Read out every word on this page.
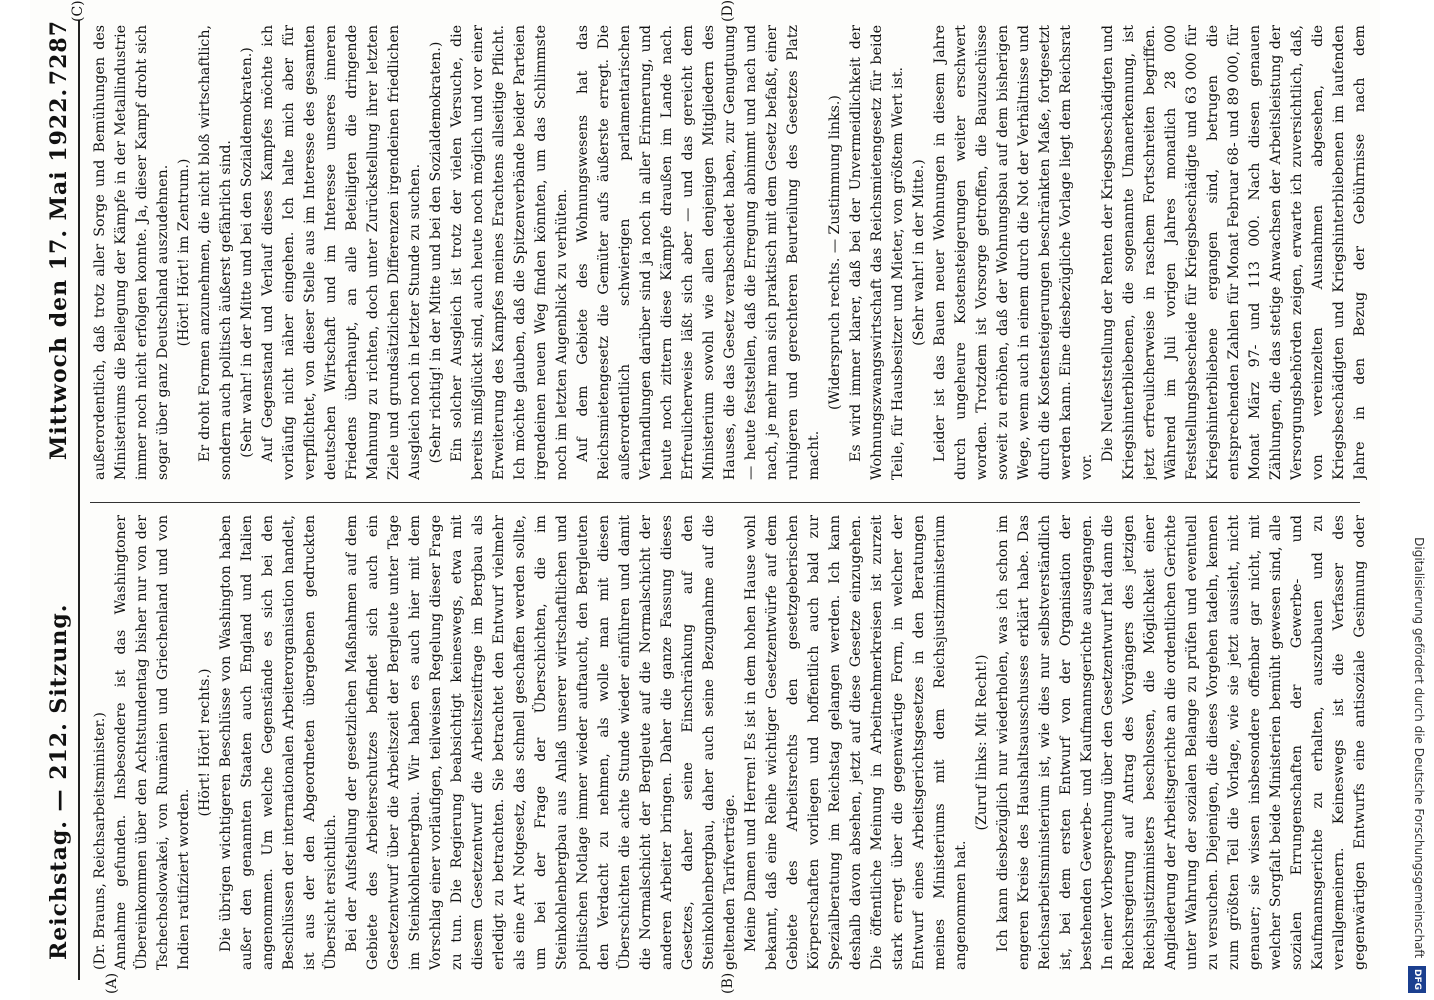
Reichstag. — 212. Sitzung.
Mittwoch den 17. Mai 1922.
7287
(A)	(B)
(C)	(D)

(Dr. Brauns, Reichsarbeitsminister.) Annahme gefunden. Insbesondere ist das Washingtoner Übereinkommen über den Achtstundentag bisher nur von der Tschechoslowakei, von Rumänien und Griechenland und von Indien ratifiziert worden.

(Hört! Hört! rechts.) Die übrigen wichtigeren Beschlüsse von Washington haben außer den genannten Staaten auch England und Italien angenommen. Um welche Gegenstände es sich bei den Beschlüssen der internationalen Arbeiterorganisation handelt, ist aus der den Abgeordneten übergebenen gedruckten Übersicht ersichtlich. Bei der Aufstellung der gesetzlichen Maßnahmen auf dem Gebiete des Arbeiterschutzes befindet sich auch ein Gesetzentwurf über die Arbeitszeit der Bergleute unter Tage im Steinkohlenbergbau. Wir haben es auch hier mit dem Vorschlag einer vorläufigen, teilweisen Regelung dieser Frage zu tun. Die Regierung beabsichtigt keineswegs, etwa mit diesem Gesetzentwurf die Arbeitszeitfrage im Bergbau als erledigt zu betrachten. Sie betrachtet den Entwurf vielmehr als eine Art Notgesetz, das schnell geschaffen werden sollte, um bei der Frage der Überschichten, die im Steinkohlenbergbau aus Anlaß unserer wirtschaftlichen und politischen Notlage immer wieder auftaucht, den Bergleuten den Verdacht zu nehmen, als wolle man mit diesen Überschichten die achte Stunde wieder einführen und damit die Normalschicht der Bergleute auf die Normalschicht der anderen Arbeiter bringen. Daher die ganze Fassung dieses Gesetzes, daher seine Einschränkung auf den Steinkohlenbergbau, daher auch seine Bezugnahme auf die geltenden Tarifverträge. Meine Damen und Herren! Es ist in dem hohen Hause wohl bekannt, daß eine Reihe wichtiger Gesetzentwürfe auf dem Gebiete des Arbeitsrechts den gesetzgeberischen Körperschaften vorliegen und hoffentlich auch bald zur Spezialberatung im Reichstag gelangen werden. Ich kann deshalb davon absehen, jetzt auf diese Gesetze einzugehen. Die öffentliche Meinung in Arbeitnehmerkreisen ist zurzeit stark erregt über die gegenwärtige Form, in welcher der Entwurf eines Arbeitsgerichtsgesetzes in den Beratungen meines Ministeriums mit dem Reichsjustizministerium angenommen hat.

(Zuruf links: Mit Recht!)

Ich kann diesbezüglich nur wiederholen, was ich schon im engeren Kreise des Haushaltsausschusses erklärt habe. Das Reichsarbeitsministerium ist, wie dies nur selbstverständlich ist, bei dem ersten Entwurf von der Organisation der bestehenden Gewerbe- und Kaufmannsgerichte ausgegangen. In einer Vorbesprechung über den Gesetzentwurf hat dann die Reichsregierung auf Antrag des Vorgängers des jetzigen Reichsjustizministers beschlossen, die Möglichkeit einer Angliederung der Arbeitsgerichte an die ordentlichen Gerichte unter Wahrung der sozialen Belange zu prüfen und eventuell zu versuchen. Diejenigen, die dieses Vorgehen tadeln, kennen zum größten Teil die Vorlage, wie sie jetzt aussieht, nicht genauer; sie wissen insbesondere offenbar gar nicht, mit welcher Sorgfalt beide Ministerien bemüht gewesen sind, alle sozialen Errungenschaften der Gewerbe- und Kaufmannsgerichte zu erhalten, auszubauen und zu verallgemeinern. Keineswegs ist die Verfasser des gegenwärtigen Entwurfs eine antisoziale Gesinnung oder

außerordentlich, daß trotz aller Sorge und Bemühungen des Ministeriums die Beilegung der Kämpfe in der Metallindustrie immer noch nicht erfolgen konnte. Ja, dieser Kampf droht sich sogar über ganz Deutschland auszudehnen. (Hört! Hört! im Zentrum.) Er droht Formen anzunehmen, die nicht bloß wirtschaftlich, sondern auch politisch äußerst gefährlich sind. (Sehr wahr! in der Mitte und bei den Sozialdemokraten.) Auf Gegenstand und Verlauf dieses Kampfes möchte ich vorläufig nicht näher eingehen. Ich halte mich aber für verpflichtet, von dieser Stelle aus im Interesse des gesamten deutschen Wirtschaft und im Interesse unseres inneren Friedens überhaupt, an alle Beteiligten die dringende Mahnung zu richten, doch unter Zurückstellung ihrer letzten Ziele und grundsätzlichen Differenzen irgendeinen friedlichen Ausgleich noch in letzter Stunde zu suchen. (Sehr richtig! in der Mitte und bei den Sozialdemokraten.) Ein solcher Ausgleich ist trotz der vielen Versuche, die bereits mißglückt sind, auch heute noch möglich und vor einer Erweiterung des Kampfes meines Erachtens allseitige Pflicht. Ich möchte glauben, daß die Spitzenverbände beider Parteien irgendeinen neuen Weg finden könnten, um das Schlimmste noch im letzten Augenblick zu verhüten. Auf dem Gebiete des Wohnungswesens hat das Reichsmietengesetz die Gemüter aufs äußerste erregt. Die außerordentlich schwierigen parlamentarischen Verhandlungen darüber sind ja noch in aller Erinnerung, und heute noch zittern diese Kämpfe draußen im Lande nach. Erfreulicherweise läßt sich aber — und das gereicht dem Ministerium sowohl wie allen denjenigen Mitgliedern des Hauses, die das Gesetz verabschiedet haben, zur Genugtuung — heute feststellen, daß die Erregung abnimmt und nach und nach, je mehr man sich praktisch mit dem Gesetz befaßt, einer ruhigeren und gerechteren Beurteilung des Gesetzes Platz macht.

(Widerspruch rechts. — Zustimmung links.) Es wird immer klarer, daß bei der Unvermeidlichkeit der Wohnungszwangswirtschaft das Reichsmietengesetz für beide Teile, für Hausbesitzer und Mieter, von größtem Wert ist. (Sehr wahr! in der Mitte.) Leider ist das Bauen neuer Wohnungen in diesem Jahre durch ungeheure Kostensteigerungen weiter erschwert worden. Trotzdem ist Vorsorge getroffen, die Bauzuschüsse soweit zu erhöhen, daß der Wohnungsbau auf dem bisherigen Wege, wenn auch in einem durch die Not der Verhältnisse und durch die Kostensteigerungen beschränkten Maße, fortgesetzt werden kann. Eine diesbezügliche Vorlage liegt dem Reichsrat vor.

Die Neufeststellung der Renten der Kriegsbeschädigten und Kriegshinterbliebenen, die sogenannte Umanerkennung, ist jetzt erfreulicherweise in raschem Fortschreiten begriffen. Während im Juli vorigen Jahres monatlich 28 000 Feststellungsbescheide für Kriegsbeschädigte und 63 000 für Kriegshinterbliebene ergangen sind, betrugen die entsprechenden Zahlen für Monat Februar 68- und 89 000, für Monat März 97- und 113 000. Nach diesen genauen Zählungen, die das stetige Anwachsen der Arbeitsleistung der Versorgungsbehörden zeigen, erwarte ich zuversichtlich, daß, von vereinzelten Ausnahmen abgesehen, die Kriegsbeschädigten und Kriegshinterbliebenen im laufenden Jahre in den Bezug der Gebührnisse nach dem

Digitalisierung gefördert durch die Deutsche Forschungsgemeinschaft DFG
